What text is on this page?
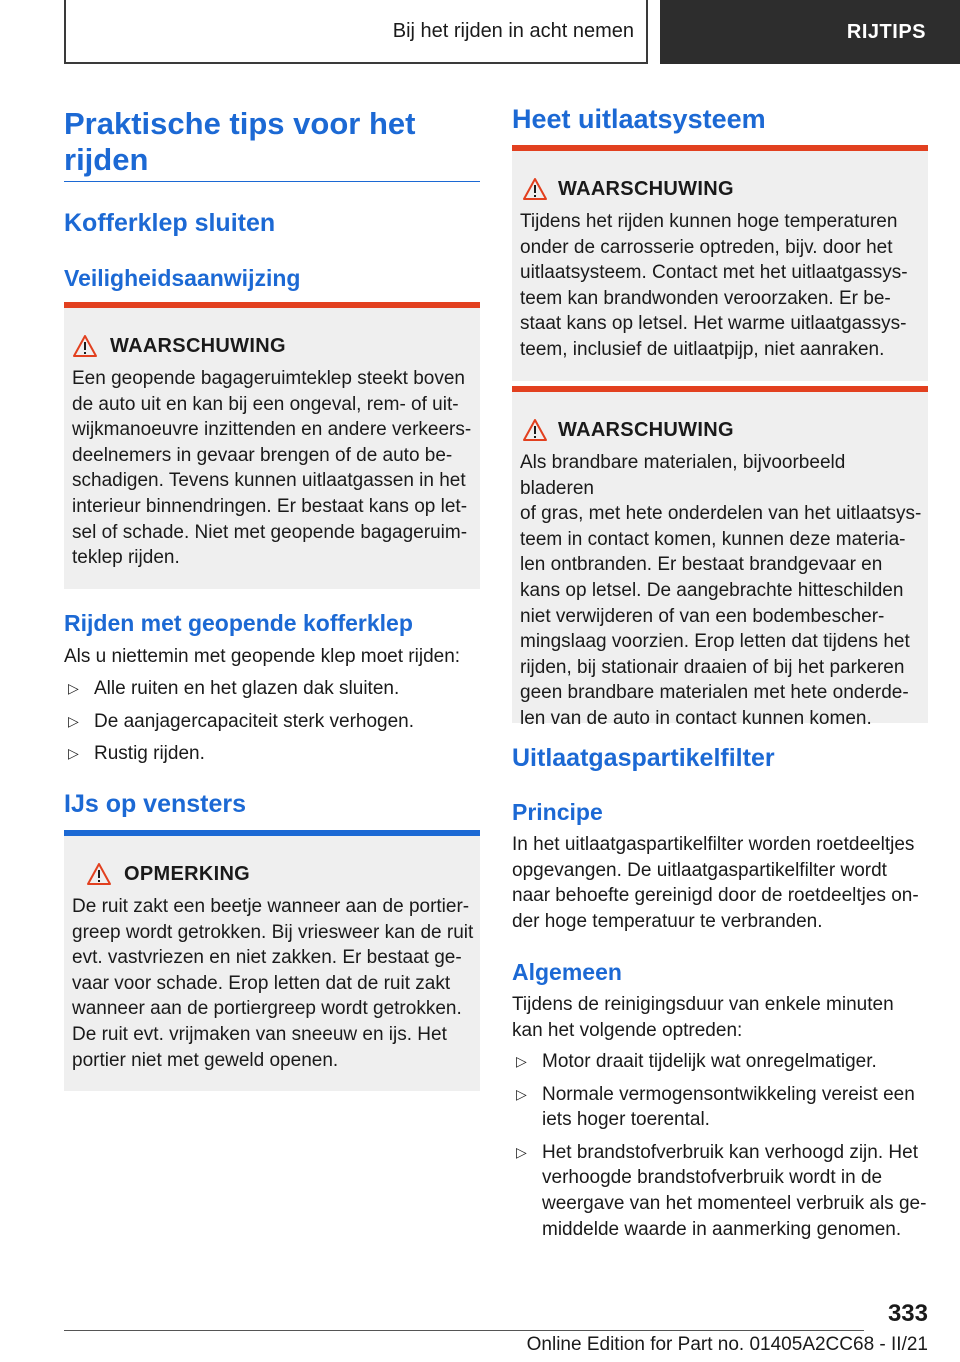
Bij het rijden in acht nemen	RIJTIPS
Praktische tips voor het rijden
Kofferklep sluiten
Veiligheidsaanwijzing
WAARSCHUWING
Een geopende bagageruimteklep steekt boven
de auto uit en kan bij een ongeval, rem- of uit-
wijkmanoeuvre inzittenden en andere verkeers-
deelnemers in gevaar brengen of de auto be-
schadigen. Tevens kunnen uitlaatgassen in het
interieur binnendringen. Er bestaat kans op let-
sel of schade. Niet met geopende bagageruim-
teklep rijden.
Rijden met geopende kofferklep
Als u niettemin met geopende klep moet rijden:
▷ Alle ruiten en het glazen dak sluiten.
▷ De aanjagercapaciteit sterk verhogen.
▷ Rustig rijden.
IJs op vensters
OPMERKING
De ruit zakt een beetje wanneer aan de portier-
greep wordt getrokken. Bij vriesweer kan de ruit
evt. vastvriezen en niet zakken. Er bestaat ge-
vaar voor schade. Erop letten dat de ruit zakt
wanneer aan de portiergreep wordt getrokken.
De ruit evt. vrijmaken van sneeuw en ijs. Het
portier niet met geweld openen.
Heet uitlaatsysteem
WAARSCHUWING
Tijdens het rijden kunnen hoge temperaturen
onder de carrosserie optreden, bijv. door het
uitlaatsysteem. Contact met het uitlaatgassys-
teem kan brandwonden veroorzaken. Er be-
staat kans op letsel. Het warme uitlaatgassys-
teem, inclusief de uitlaatpijp, niet aanraken.
WAARSCHUWING
Als brandbare materialen, bijvoorbeeld bladeren
of gras, met hete onderdelen van het uitlaatsys-
teem in contact komen, kunnen deze materia-
len ontbranden. Er bestaat brandgevaar en
kans op letsel. De aangebrachte hitteschilden
niet verwijderen of van een bodembescher-
mingslaag voorzien. Erop letten dat tijdens het
rijden, bij stationair draaien of bij het parkeren
geen brandbare materialen met hete onderde-
len van de auto in contact kunnen komen.
Uitlaatgaspartikelfilter
Principe
In het uitlaatgaspartikelfilter worden roetdeeltjes
opgevangen. De uitlaatgaspartikelfilter wordt
naar behoefte gereinigd door de roetdeeltjes on-
der hoge temperatuur te verbranden.
Algemeen
Tijdens de reinigingsduur van enkele minuten
kan het volgende optreden:
▷ Motor draait tijdelijk wat onregelmatiger.
▷ Normale vermogensontwikkeling vereist een
iets hoger toerental.
▷ Het brandstofverbruik kan verhoogd zijn. Het
verhoogde brandstofverbruik wordt in de
weergave van het momenteel verbruik als ge-
middelde waarde in aanmerking genomen.
333
Online Edition for Part no. 01405A2CC68 - II/21
